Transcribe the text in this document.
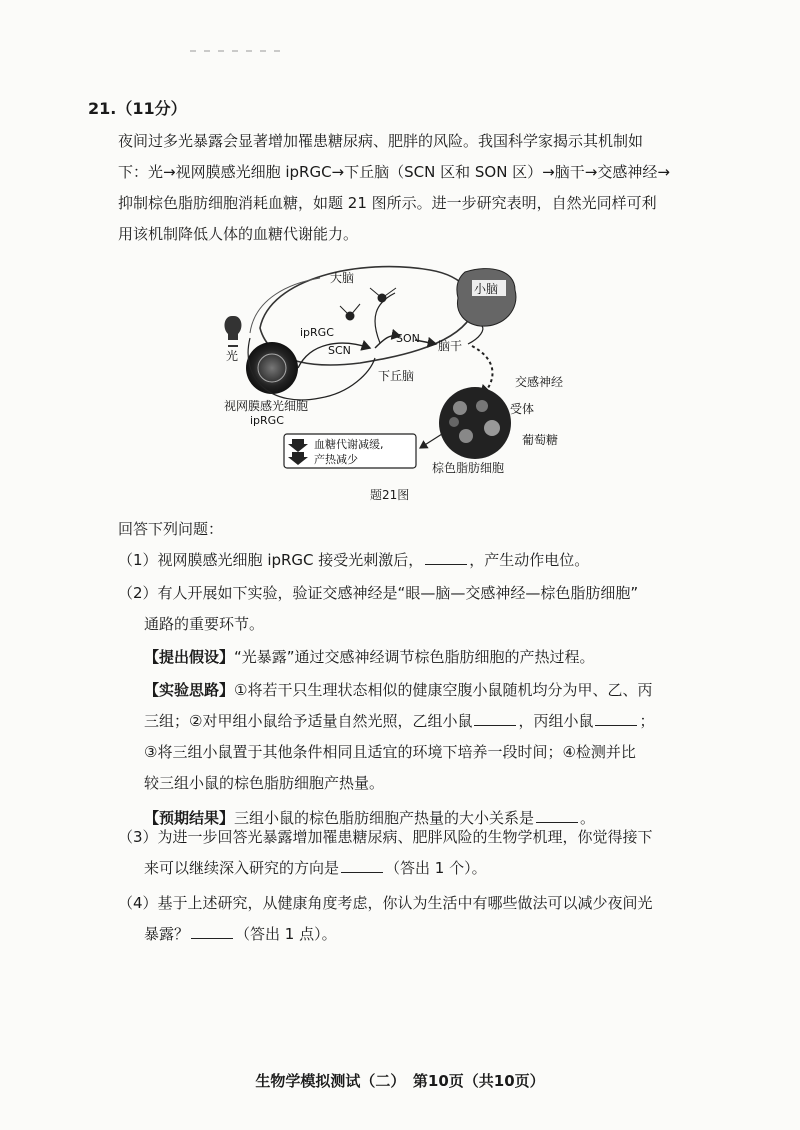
21.（11分）

夜间过多光暴露会显著增加罹患糖尿病、肥胖的风险。我国科学家揭示其机制如

下：光→视网膜感光细胞 ipRGC→下丘脑（SCN 区和 SON 区）→脑干→交感神经→

抑制棕色脂肪细胞消耗血糖，如题 21 图所示。进一步研究表明，自然光同样可利

用该机制降低人体的血糖代谢能力。

光
小脑
大脑
ipRGC
SCN
SON
脑干
下丘脑	交感神经
受体
葡萄糖
棕色脂肪细胞
视网膜感光细胞
ipRGC
血糖代谢减缓,
产热减少
题21图
回答下列问题：

（1）视网膜感光细胞 ipRGC 接受光刺激后，	，产生动作电位。

（2）有人开展如下实验，验证交感神经是“眼—脑—交感神经—棕色脂肪细胞”

通路的重要环节。

【提出假设】“光暴露”通过交感神经调节棕色脂肪细胞的产热过程。

【实验思路】①将若干只生理状态相似的健康空腹小鼠随机均分为甲、乙、丙

三组；②对甲组小鼠给予适量自然光照，乙组小鼠	，丙组小鼠	；

③将三组小鼠置于其他条件相同且适宜的环境下培养一段时间；④检测并比

较三组小鼠的棕色脂肪细胞产热量。

【预期结果】三组小鼠的棕色脂肪细胞产热量的大小关系是	。

（3）为进一步回答光暴露增加罹患糖尿病、肥胖风险的生物学机理，你觉得接下

来可以继续深入研究的方向是	（答出 1 个）。

（4）基于上述研究，从健康角度考虑，你认为生活中有哪些做法可以减少夜间光

暴露？	（答出 1 点）。

生物学模拟测试（二）　第10页（共10页）
